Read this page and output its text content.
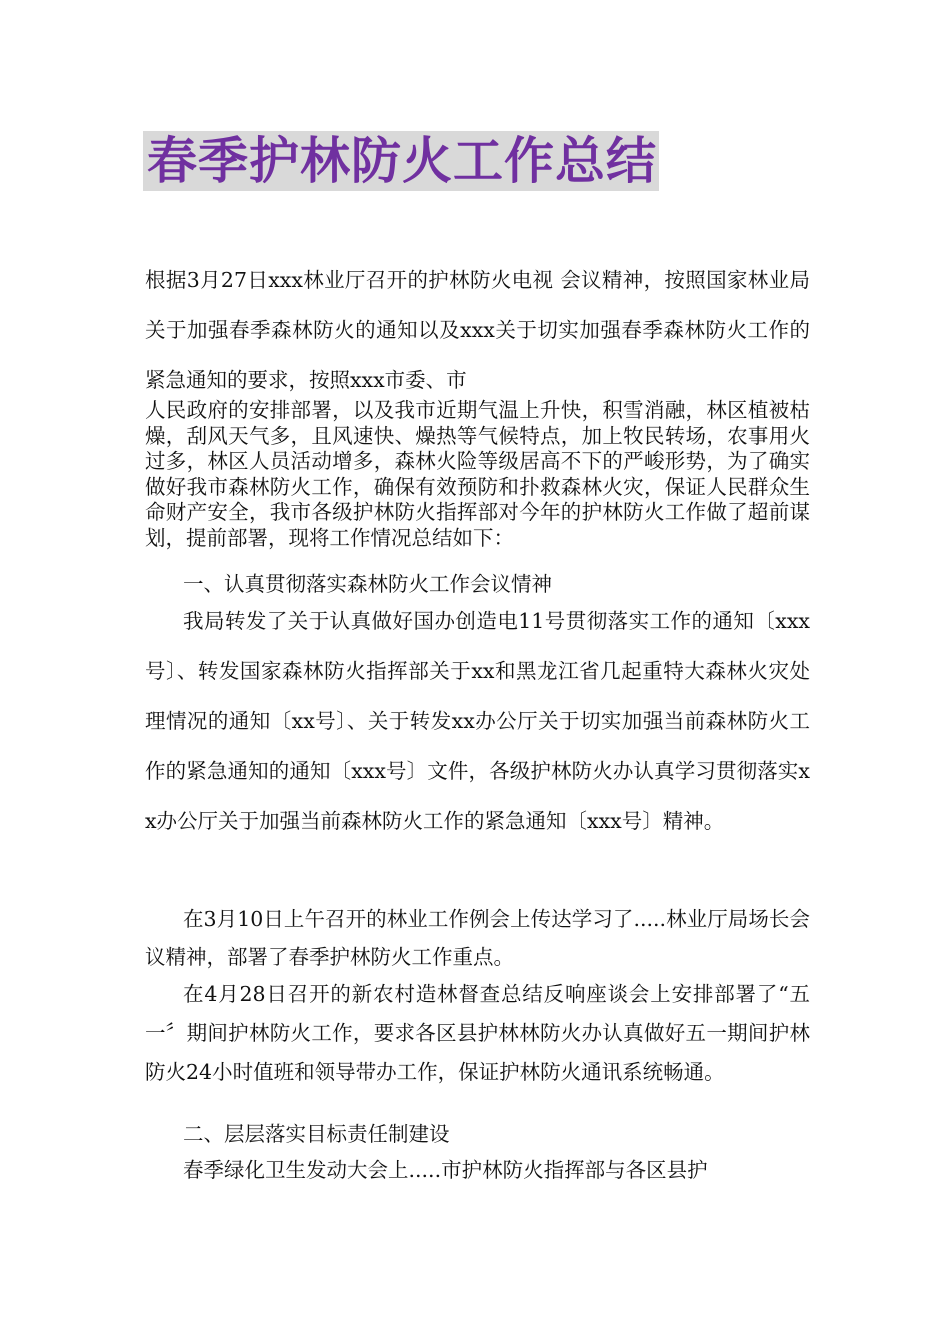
春季护林防火工作总结

根据3月27日xxx林业厅召开的护林防火电视 会议精神，按照国家林业局关于加强春季森林防火的通知以及xxx关于切实加强春季森林防火工作的紧急通知的要求，按照xxx市委、市

人民政府的安排部署，以及我市近期气温上升快，积雪消融，林区植被枯燥，刮风天气多，且风速快、燥热等气候特点，加上牧民转场，农事用火过多，林区人员活动增多，森林火险等级居高不下的严峻形势，为了确实做好我市森林防火工作，确保有效预防和扑救森林火灾，保证人民群众生命财产安全，我市各级护林防火指挥部对今年的护林防火工作做了超前谋划，提前部署，现将工作情况总结如下：

一、认真贯彻落实森林防火工作会议情神

我局转发了关于认真做好国办创造电11号贯彻落实工作的通知〔xxx号〕、转发国家森林防火指挥部关于xx和黑龙江省几起重特大森林火灾处理情况的通知〔xx号〕、关于转发xx办公厅关于切实加强当前森林防火工作的紧急通知的通知〔xxx号〕文件，各级护林防火办认真学习贯彻落实xx办公厅关于加强当前森林防火工作的紧急通知〔xxx号〕精神。

在3月10日上午召开的林业工作例会上传达学习了.....林业厅局场长会议精神，部署了春季护林防火工作重点。

在4月28日召开的新农村造林督查总结反响座谈会上安排部署了“五一〞期间护林防火工作，要求各区县护林林防火办认真做好五一期间护林防火24小时值班和领导带办工作，保证护林防火通讯系统畅通。

二、层层落实目标责任制建设

春季绿化卫生发动大会上.....市护林防火指挥部与各区县护
